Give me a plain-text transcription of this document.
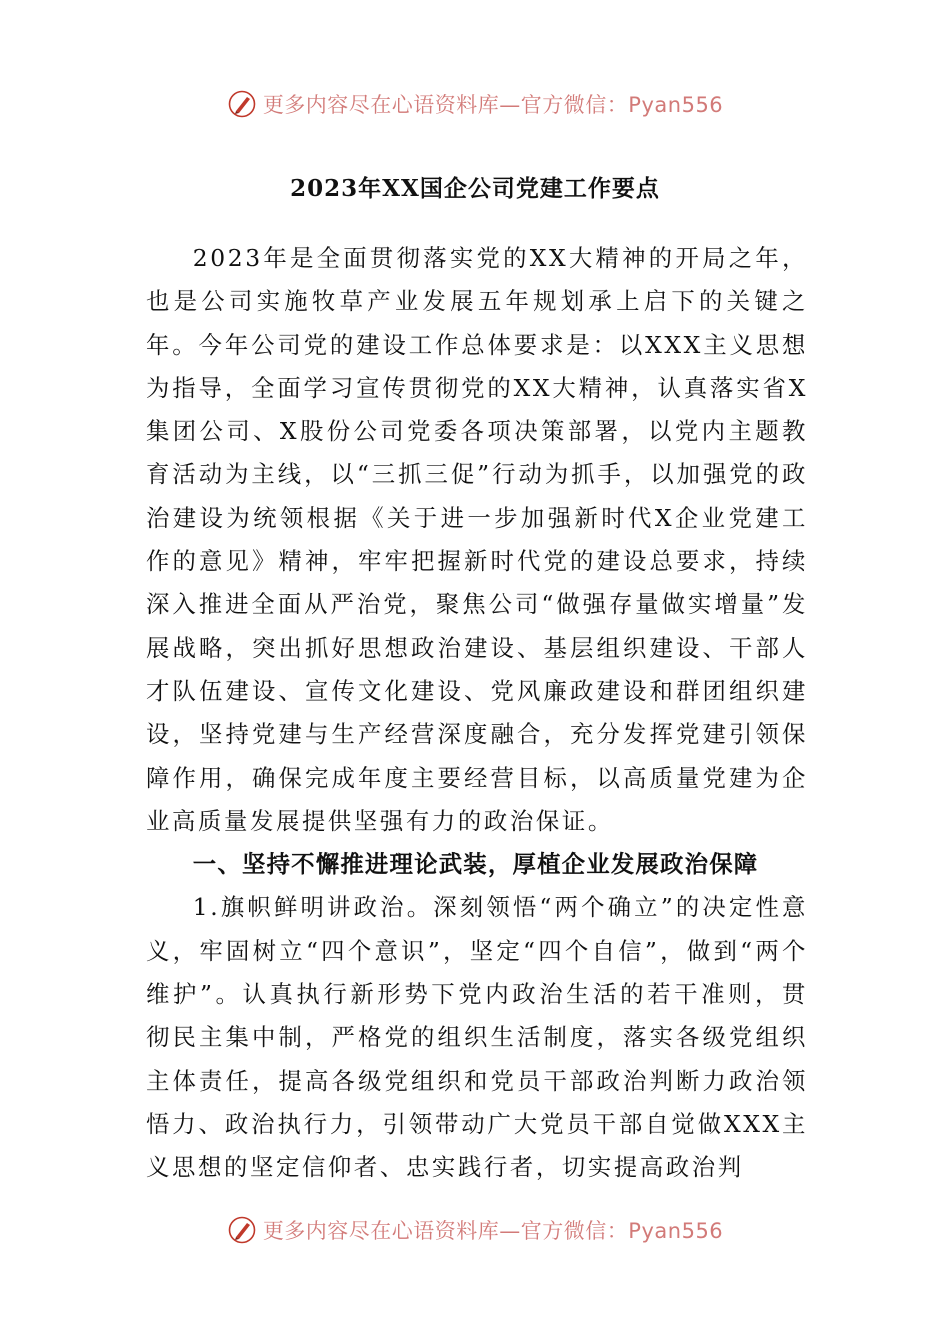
更多内容尽在心语资料库—官方微信：Pyan556
2023年XX国企公司党建工作要点

2023年是全面贯彻落实党的XX大精神的开局之年，也是公司实施牧草产业发展五年规划承上启下的关键之年。今年公司党的建设工作总体要求是：以XXX主义思想为指导，全面学习宣传贯彻党的XX大精神，认真落实省X集团公司、X股份公司党委各项决策部署，以党内主题教育活动为主线，以“三抓三促”行动为抓手，以加强党的政治建设为统领根据《关于进一步加强新时代X企业党建工作的意见》精神，牢牢把握新时代党的建设总要求，持续深入推进全面从严治党，聚焦公司“做强存量做实增量”发展战略，突出抓好思想政治建设、基层组织建设、干部人才队伍建设、宣传文化建设、党风廉政建设和群团组织建设，坚持党建与生产经营深度融合，充分发挥党建引领保障作用，确保完成年度主要经营目标，以高质量党建为企业高质量发展提供坚强有力的政治保证。

一、坚持不懈推进理论武装，厚植企业发展政治保障

1.旗帜鲜明讲政治。深刻领悟“两个确立”的决定性意义，牢固树立“四个意识”，坚定“四个自信”，做到“两个维护”。认真执行新形势下党内政治生活的若干准则，贯彻民主集中制，严格党的组织生活制度，落实各级党组织主体责任，提高各级党组织和党员干部政治判断力政治领悟力、政治执行力，引领带动广大党员干部自觉做XXX主义思想的坚定信仰者、忠实践行者，切实提高政治判

更多内容尽在心语资料库—官方微信：Pyan556
